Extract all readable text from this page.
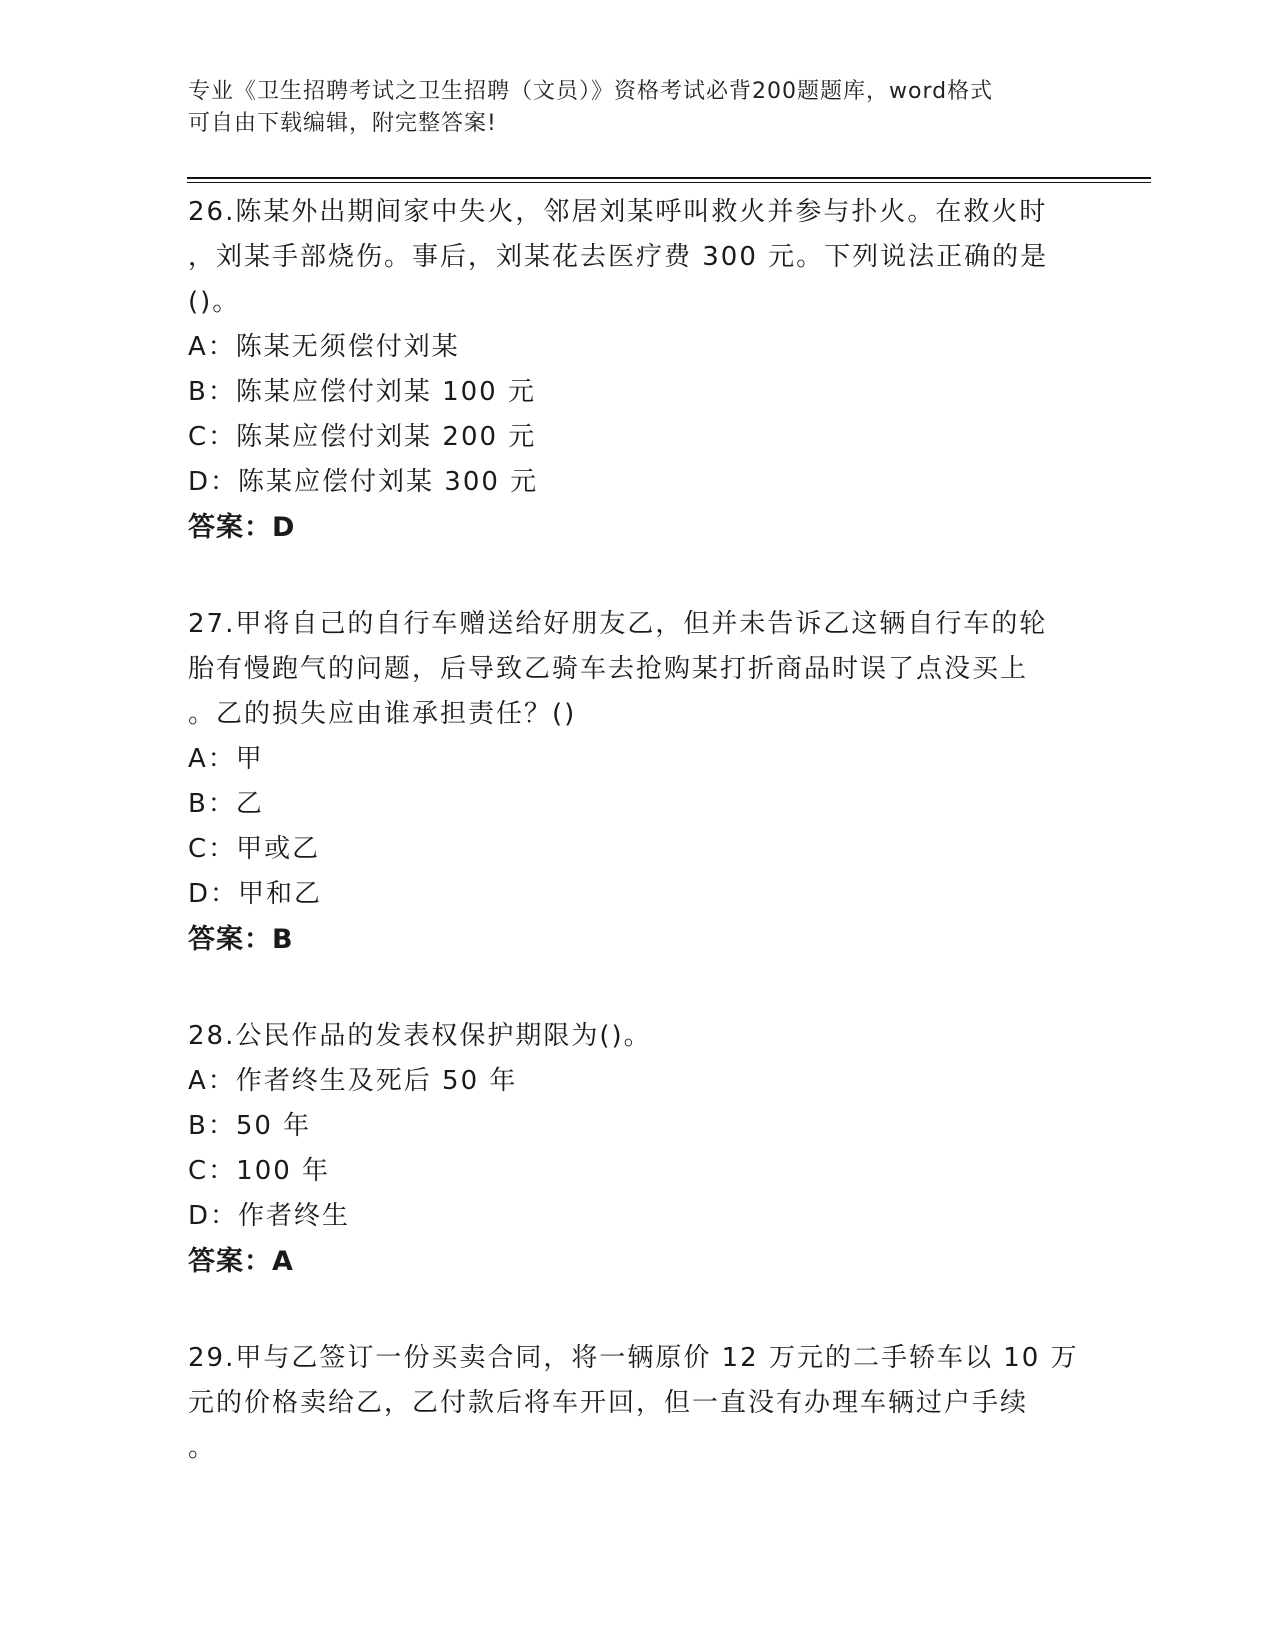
专业《卫生招聘考试之卫生招聘（文员）》资格考试必背200题题库，word格式
可自由下载编辑，附完整答案!
26.陈某外出期间家中失火，邻居刘某呼叫救火并参与扑火。在救火时
，刘某手部烧伤。事后，刘某花去医疗费 300 元。下列说法正确的是
()。
A：陈某无须偿付刘某
B：陈某应偿付刘某 100 元
C：陈某应偿付刘某 200 元
D：陈某应偿付刘某 300 元
答案：D
27.甲将自己的自行车赠送给好朋友乙，但并未告诉乙这辆自行车的轮
胎有慢跑气的问题，后导致乙骑车去抢购某打折商品时误了点没买上
。乙的损失应由谁承担责任？()
A：甲
B：乙
C：甲或乙
D：甲和乙
答案：B
28.公民作品的发表权保护期限为()。
A：作者终生及死后 50 年
B：50 年
C：100 年
D：作者终生
答案：A
29.甲与乙签订一份买卖合同，将一辆原价 12 万元的二手轿车以 10 万
元的价格卖给乙，乙付款后将车开回，但一直没有办理车辆过户手续
。
